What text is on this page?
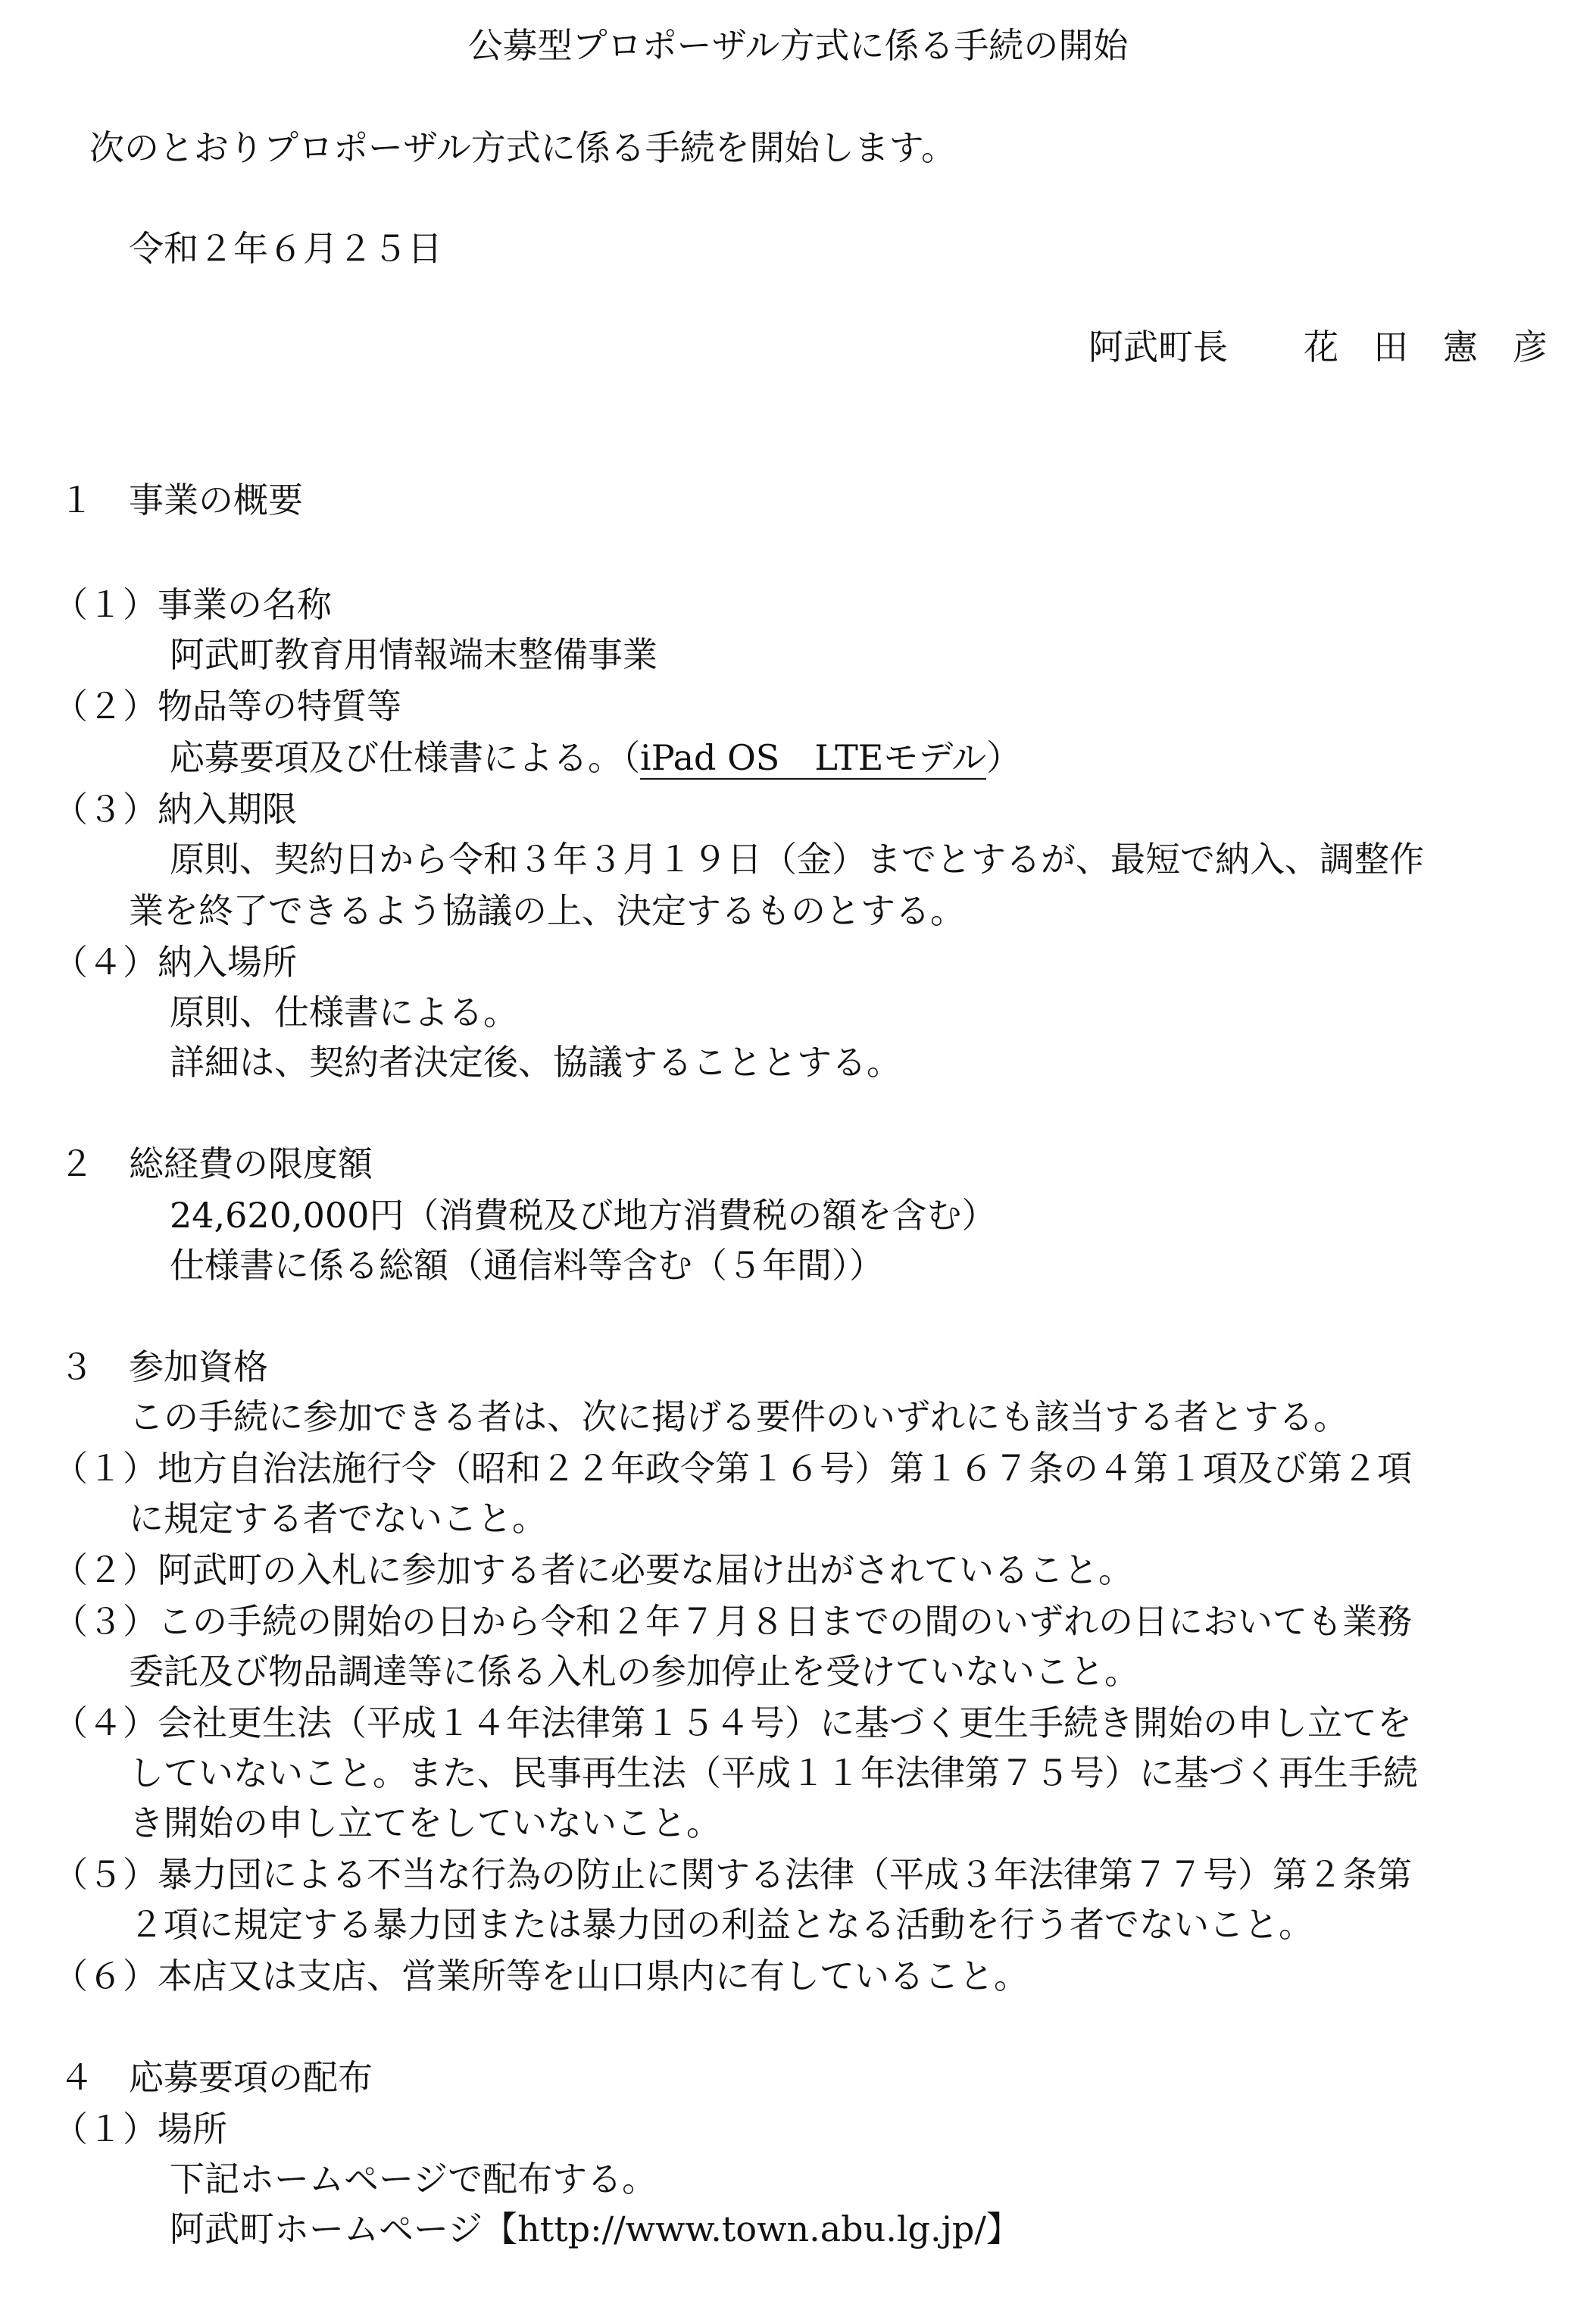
公募型プロポーザル方式に係る手続の開始
次のとおりプロポーザル方式に係る手続を開始します。
令和２年６月２５日
阿武町長 花　田　憲　彦
１　事業の概要
（１）事業の名称
阿武町教育用情報端末整備事業
（２）物品等の特質等
応募要項及び仕様書による。（iPad OS　LTEモデル）
（３）納入期限
原則、契約日から令和３年３月１９日（金）までとするが、最短で納入、調整作
業を終了できるよう協議の上、決定するものとする。
（４）納入場所
原則、仕様書による。
詳細は、契約者決定後、協議することとする。
２　総経費の限度額
24,620,000円（消費税及び地方消費税の額を含む）
仕様書に係る総額（通信料等含む（５年間））
３　参加資格
この手続に参加できる者は、次に掲げる要件のいずれにも該当する者とする。
（１）地方自治法施行令（昭和２２年政令第１６号）第１６７条の４第１項及び第２項
に規定する者でないこと。
（２）阿武町の入札に参加する者に必要な届け出がされていること。
（３）この手続の開始の日から令和２年７月８日までの間のいずれの日においても業務
委託及び物品調達等に係る入札の参加停止を受けていないこと。
（４）会社更生法（平成１４年法律第１５４号）に基づく更生手続き開始の申し立てを
していないこと。また、民事再生法（平成１１年法律第７５号）に基づく再生手続
き開始の申し立てをしていないこと。
（５）暴力団による不当な行為の防止に関する法律（平成３年法律第７７号）第２条第
２項に規定する暴力団または暴力団の利益となる活動を行う者でないこと。
（６）本店又は支店、営業所等を山口県内に有していること。
４　応募要項の配布
（１）場所
下記ホームページで配布する。
阿武町ホームページ【http://www.town.abu.lg.jp/】
